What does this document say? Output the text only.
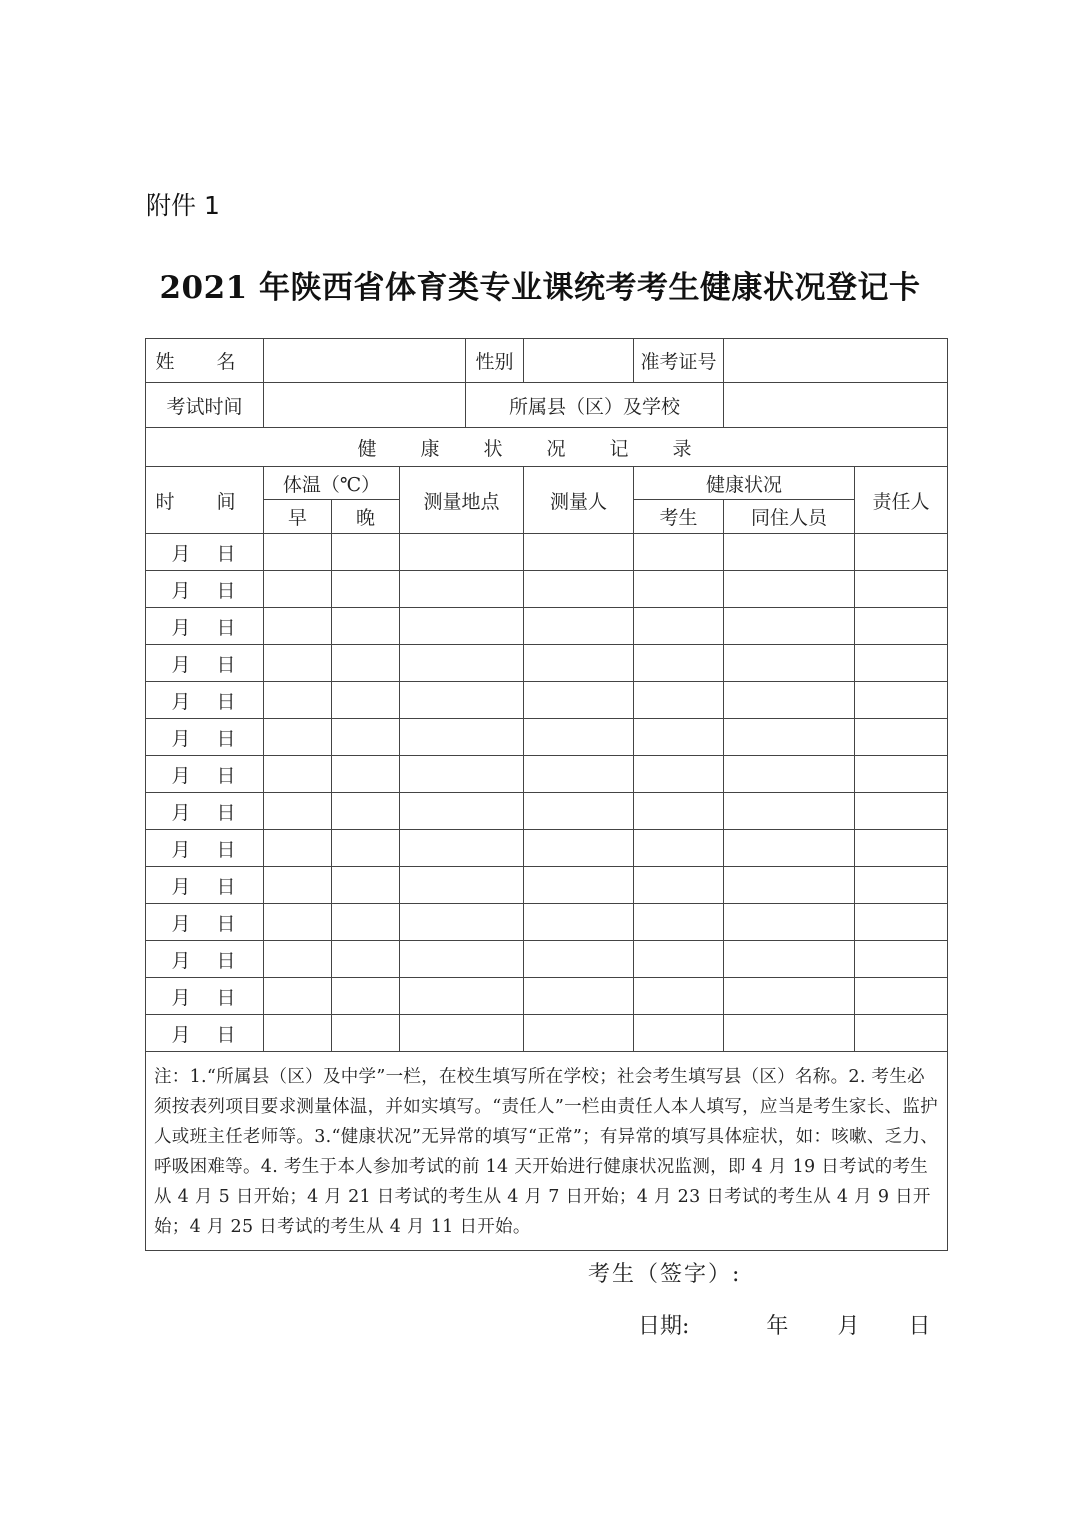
附件 1
2021 年陕西省体育类专业课统考考生健康状况登记卡
姓 名				性别		准考证号		
考试时间				所属县（区）及学校				
健康状况记录								
时 间	体温（℃）		测量地点		测量人	健康状况		责任人
	早	晚				考生	同住人员	
月 日								
月 日								
月 日								
月 日								
月 日								
月 日								
月 日								
月 日								
月 日								
月 日								
月 日								
月 日								
月 日								
月 日								
注：1.“所属县（区）及中学”一栏，在校生填写所在学校；社会考生填写县（区）名称。2. 考生必须按表列项目要求测量体温，并如实填写。“责任人”一栏由责任人本人填写，应当是考生家长、监护人或班主任老师等。3.“健康状况”无异常的填写“正常”；有异常的填写具体症状，如：咳嗽、乏力、呼吸困难等。4. 考生于本人参加考试的前 14 天开始进行健康状况监测，即 4 月 19 日考试的考生从 4 月 5 日开始；4 月 21 日考试的考生从 4 月 7 日开始；4 月 23 日考试的考生从 4 月 9 日开始；4 月 25 日考试的考生从 4 月 11 日开始。								
考生（签字）:
日期:	年 月 日
